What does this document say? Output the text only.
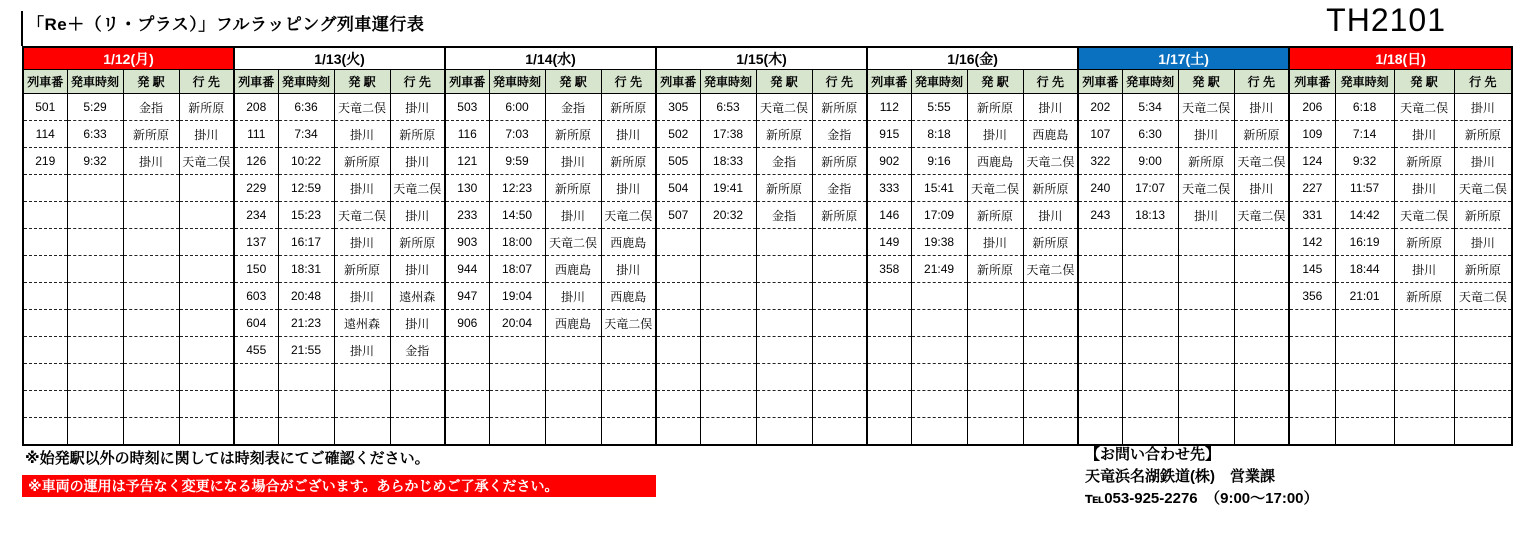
「Re＋（リ・プラス）」フルラッピング列車運行表	TH2101
1/12(月)				1/13(火)				1/14(水)				1/15(木)				1/16(金)				1/17(土)				1/18(日)			
列車番	発車時刻	発 駅	行 先	列車番	発車時刻	発 駅	行 先	列車番	発車時刻	発 駅	行 先	列車番	発車時刻	発 駅	行 先	列車番	発車時刻	発 駅	行 先	列車番	発車時刻	発 駅	行 先	列車番	発車時刻	発 駅	行 先
501	5:29	金指	新所原	208	6:36	天竜二俣	掛川	503	6:00	金指	新所原	305	6:53	天竜二俣	新所原	112	5:55	新所原	掛川	202	5:34	天竜二俣	掛川	206	6:18	天竜二俣	掛川
114	6:33	新所原	掛川	111	7:34	掛川	新所原	116	7:03	新所原	掛川	502	17:38	新所原	金指	915	8:18	掛川	西鹿島	107	6:30	掛川	新所原	109	7:14	掛川	新所原
219	9:32	掛川	天竜二俣	126	10:22	新所原	掛川	121	9:59	掛川	新所原	505	18:33	金指	新所原	902	9:16	西鹿島	天竜二俣	322	9:00	新所原	天竜二俣	124	9:32	新所原	掛川
				229	12:59	掛川	天竜二俣	130	12:23	新所原	掛川	504	19:41	新所原	金指	333	15:41	天竜二俣	新所原	240	17:07	天竜二俣	掛川	227	11:57	掛川	天竜二俣
				234	15:23	天竜二俣	掛川	233	14:50	掛川	天竜二俣	507	20:32	金指	新所原	146	17:09	新所原	掛川	243	18:13	掛川	天竜二俣	331	14:42	天竜二俣	新所原
				137	16:17	掛川	新所原	903	18:00	天竜二俣	西鹿島					149	19:38	掛川	新所原					142	16:19	新所原	掛川
				150	18:31	新所原	掛川	944	18:07	西鹿島	掛川					358	21:49	新所原	天竜二俣					145	18:44	掛川	新所原
				603	20:48	掛川	遠州森	947	19:04	掛川	西鹿島													356	21:01	新所原	天竜二俣
				604	21:23	遠州森	掛川	906	20:04	西鹿島	天竜二俣																
				455	21:55	掛川	金指																				

※始発駅以外の時刻に関しては時刻表にてご確認ください。
※車両の運用は予告なく変更になる場合がございます。あらかじめご了承ください。
【お問い合わせ先】
天竜浜名湖鉄道(株)　営業課
℡053-925-2276　（9:00～17:00）
